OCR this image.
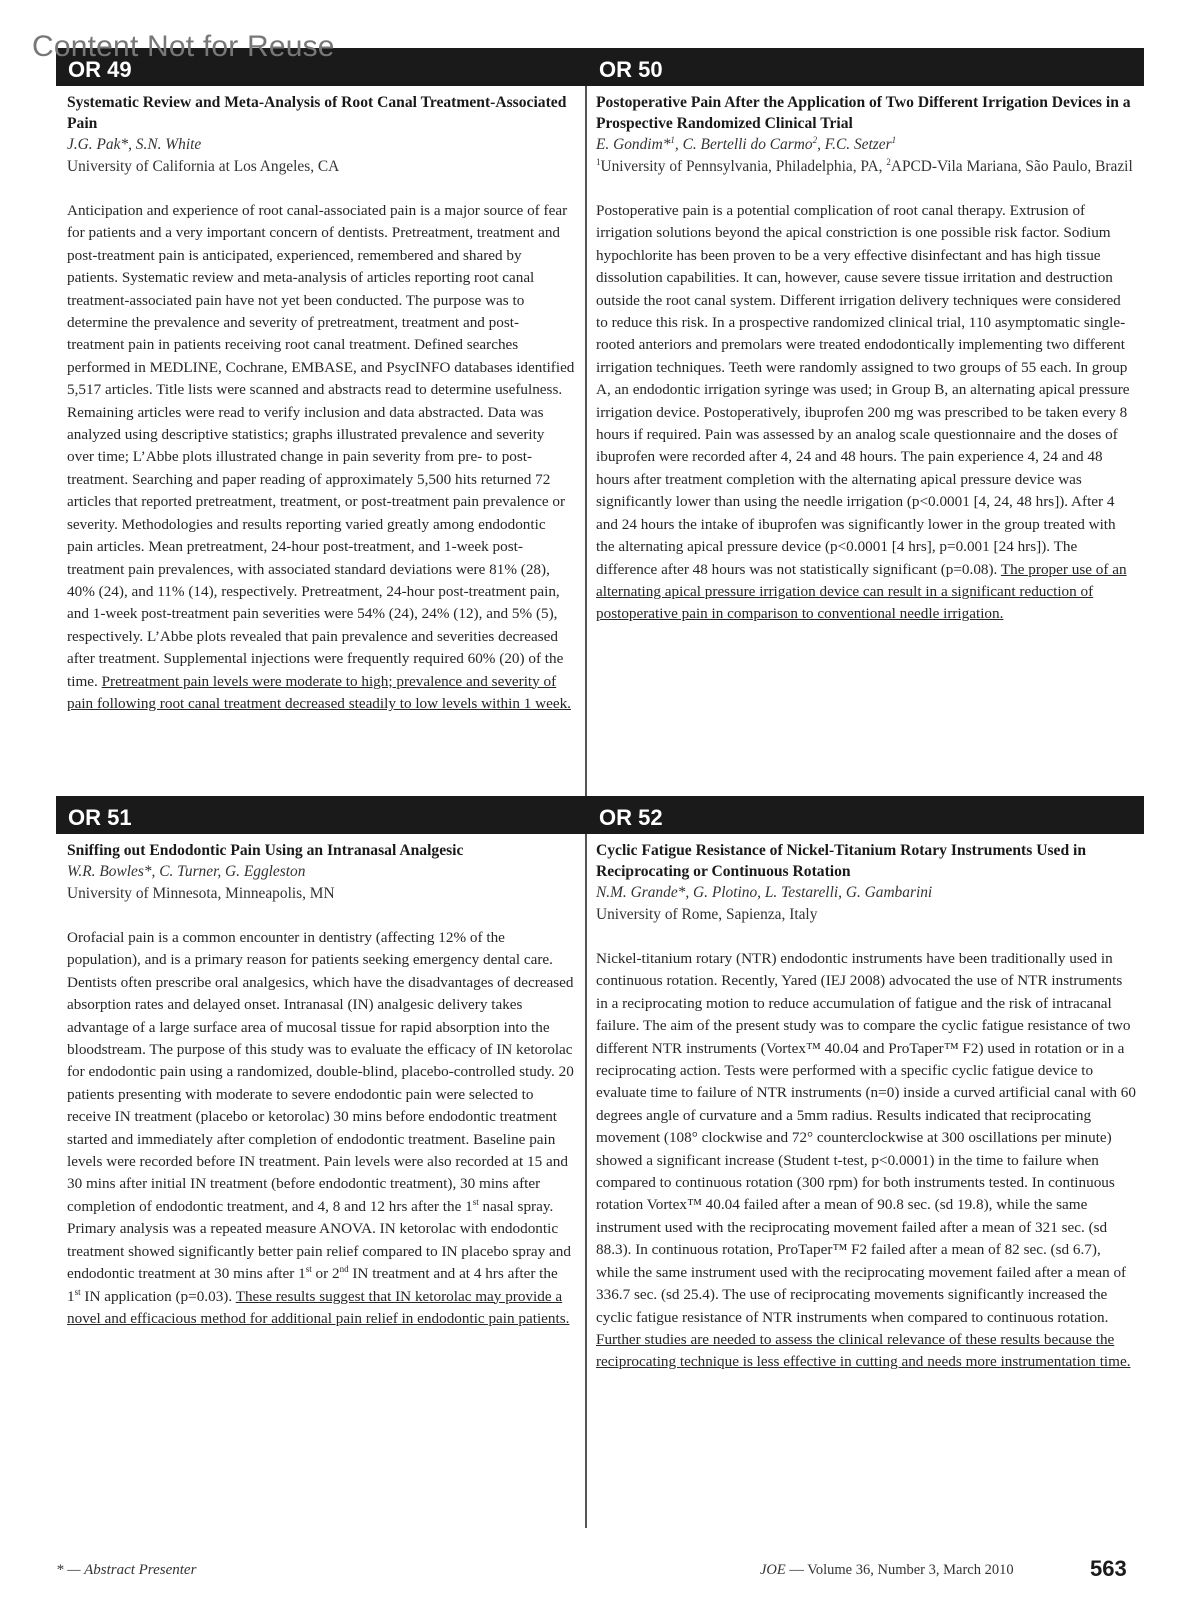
Content Not for Reuse
OR 49	OR 50
OR 51	OR 52
Systematic Review and Meta-Analysis of Root Canal Treatment-Associated Pain
J.G. Pak*, S.N. White
University of California at Los Angeles, CA
Anticipation and experience of root canal-associated pain is a major source of fear for patients and a very important concern of dentists. Pretreatment, treatment and post-treatment pain is anticipated, experienced, remembered and shared by patients. Systematic review and meta-analysis of articles reporting root canal treatment-associated pain have not yet been conducted. The purpose was to determine the prevalence and severity of pretreatment, treatment and post-treatment pain in patients receiving root canal treatment. Defined searches performed in MEDLINE, Cochrane, EMBASE, and PsycINFO databases identified 5,517 articles. Title lists were scanned and abstracts read to determine usefulness. Remaining articles were read to verify inclusion and data abstracted. Data was analyzed using descriptive statistics; graphs illustrated prevalence and severity over time; L’Abbe plots illustrated change in pain severity from pre- to post-treatment. Searching and paper reading of approximately 5,500 hits returned 72 articles that reported pretreatment, treatment, or post-treatment pain prevalence or severity. Methodologies and results reporting varied greatly among endodontic pain articles. Mean pretreatment, 24-hour post-treatment, and 1-week post-treatment pain prevalences, with associated standard deviations were 81% (28), 40% (24), and 11% (14), respectively. Pretreatment, 24-hour post-treatment pain, and 1-week post-treatment pain severities were 54% (24), 24% (12), and 5% (5), respectively. L’Abbe plots revealed that pain prevalence and severities decreased after treatment. Supplemental injections were frequently required 60% (20) of the time. Pretreatment pain levels were moderate to high; prevalence and severity of pain following root canal treatment decreased steadily to low levels within 1 week.
Postoperative Pain After the Application of Two Different Irrigation Devices in a Prospective Randomized Clinical Trial
E. Gondim*$^1$, C. Bertelli do Carmo$^2$, F.C. Setzer$^1$
$^1$University of Pennsylvania, Philadelphia, PA, $^2$APCD-Vila Mariana, São Paulo, Brazil
Postoperative pain is a potential complication of root canal therapy. Extrusion of irrigation solutions beyond the apical constriction is one possible risk factor. Sodium hypochlorite has been proven to be a very effective disinfectant and has high tissue dissolution capabilities. It can, however, cause severe tissue irritation and destruction outside the root canal system. Different irrigation delivery techniques were considered to reduce this risk. In a prospective randomized clinical trial, 110 asymptomatic single-rooted anteriors and premolars were treated endodontically implementing two different irrigation techniques. Teeth were randomly assigned to two groups of 55 each. In group A, an endodontic irrigation syringe was used; in Group B, an alternating apical pressure irrigation device. Postoperatively, ibuprofen 200 mg was prescribed to be taken every 8 hours if required. Pain was assessed by an analog scale questionnaire and the doses of ibuprofen were recorded after 4, 24 and 48 hours. The pain experience 4, 24 and 48 hours after treatment completion with the alternating apical pressure device was significantly lower than using the needle irrigation (p<0.0001 [4, 24, 48 hrs]). After 4 and 24 hours the intake of ibuprofen was significantly lower in the group treated with the alternating apical pressure device (p<0.0001 [4 hrs], p=0.001 [24 hrs]). The difference after 48 hours was not statistically significant (p=0.08). The proper use of an alternating apical pressure irrigation device can result in a significant reduction of postoperative pain in comparison to conventional needle irrigation.
Sniffing out Endodontic Pain Using an Intranasal Analgesic
W.R. Bowles*, C. Turner, G. Eggleston
University of Minnesota, Minneapolis, MN
Orofacial pain is a common encounter in dentistry (affecting 12% of the population), and is a primary reason for patients seeking emergency dental care. Dentists often prescribe oral analgesics, which have the disadvantages of decreased absorption rates and delayed onset. Intranasal (IN) analgesic delivery takes advantage of a large surface area of mucosal tissue for rapid absorption into the bloodstream. The purpose of this study was to evaluate the efficacy of IN ketorolac for endodontic pain using a randomized, double-blind, placebo-controlled study. 20 patients presenting with moderate to severe endodontic pain were selected to receive IN treatment (placebo or ketorolac) 30 mins before endodontic treatment started and immediately after completion of endodontic treatment. Baseline pain levels were recorded before IN treatment. Pain levels were also recorded at 15 and 30 mins after initial IN treatment (before endodontic treatment), 30 mins after completion of endodontic treatment, and 4, 8 and 12 hrs after the 1st nasal spray. Primary analysis was a repeated measure ANOVA. IN ketorolac with endodontic treatment showed significantly better pain relief compared to IN placebo spray and endodontic treatment at 30 mins after 1st or 2nd IN treatment and at 4 hrs after the 1st IN application (p=0.03). These results suggest that IN ketorolac may provide a novel and efficacious method for additional pain relief in endodontic pain patients.
Cyclic Fatigue Resistance of Nickel-Titanium Rotary Instruments Used in Reciprocating or Continuous Rotation
N.M. Grande*, G. Plotino, L. Testarelli, G. Gambarini
University of Rome, Sapienza, Italy
Nickel-titanium rotary (NTR) endodontic instruments have been traditionally used in continuous rotation. Recently, Yared (IEJ 2008) advocated the use of NTR instruments in a reciprocating motion to reduce accumulation of fatigue and the risk of intracanal failure. The aim of the present study was to compare the cyclic fatigue resistance of two different NTR instruments (Vortex™ 40.04 and ProTaper™ F2) used in rotation or in a reciprocating action. Tests were performed with a specific cyclic fatigue device to evaluate time to failure of NTR instruments (n=0) inside a curved artificial canal with 60 degrees angle of curvature and a 5mm radius. Results indicated that reciprocating movement (108° clockwise and 72° counterclockwise at 300 oscillations per minute) showed a significant increase (Student t-test, p<0.0001) in the time to failure when compared to continuous rotation (300 rpm) for both instruments tested. In continuous rotation Vortex™ 40.04 failed after a mean of 90.8 sec. (sd 19.8), while the same instrument used with the reciprocating movement failed after a mean of 321 sec. (sd 88.3). In continuous rotation, ProTaper™ F2 failed after a mean of 82 sec. (sd 6.7), while the same instrument used with the reciprocating movement failed after a mean of 336.7 sec. (sd 25.4). The use of reciprocating movements significantly increased the cyclic fatigue resistance of NTR instruments when compared to continuous rotation. Further studies are needed to assess the clinical relevance of these results because the reciprocating technique is less effective in cutting and needs more instrumentation time.
* — Abstract Presenter	JOE — Volume 36, Number 3, March 2010	563
